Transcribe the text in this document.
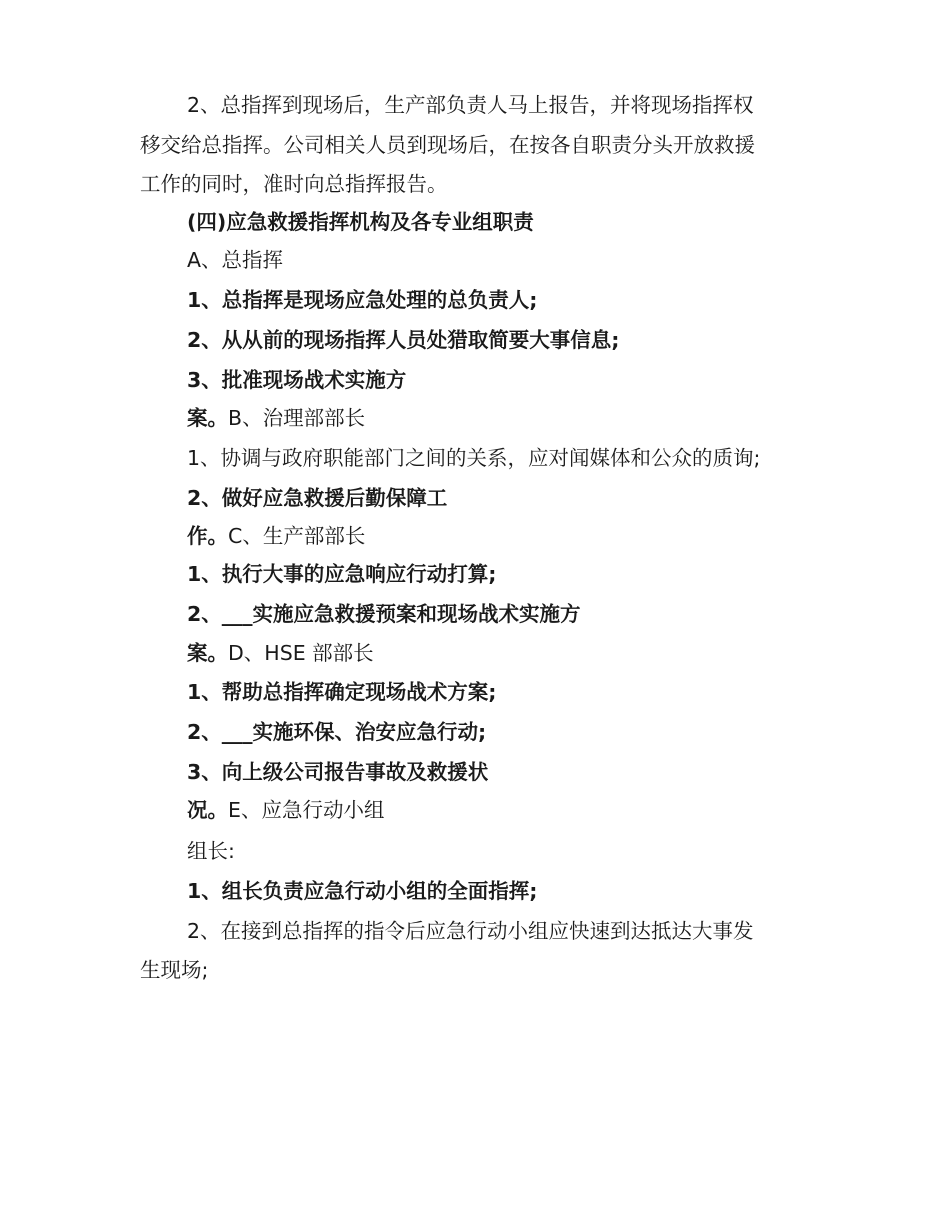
2、总指挥到现场后，生产部负责人马上报告，并将现场指挥权
移交给总指挥。公司相关人员到现场后，在按各自职责分头开放救援
工作的同时，准时向总指挥报告。
(四)应急救援指挥机构及各专业组职责
A、总指挥
1、总指挥是现场应急处理的总负责人;
2、从从前的现场指挥人员处猎取简要大事信息;
3、批准现场战术实施方
案。B、治理部部长
1、协调与政府职能部门之间的关系，应对闻媒体和公众的质询;
2、做好应急救援后勤保障工
作。C、生产部部长
1、执行大事的应急响应行动打算;
2、___实施应急救援预案和现场战术实施方
案。D、HSE 部部长
1、帮助总指挥确定现场战术方案;
2、___实施环保、治安应急行动;
3、向上级公司报告事故及救援状
况。E、应急行动小组
组长:
1、组长负责应急行动小组的全面指挥;
2、在接到总指挥的指令后应急行动小组应快速到达抵达大事发
生现场;
